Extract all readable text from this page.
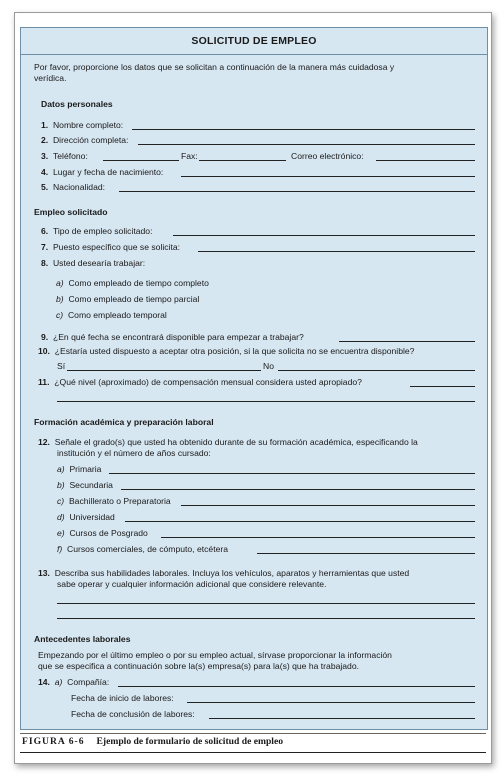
SOLICITUD DE EMPLEO
Por favor, proporcione los datos que se solicitan a continuación de la manera más cuidadosa y
verídica.
Datos personales
1. Nombre completo:
2. Dirección completa:
3. Teléfono:	Fax:	Correo electrónico:
4. Lugar y fecha de nacimiento:
5. Nacionalidad:
Empleo solicitado
6. Tipo de empleo solicitado:
7. Puesto específico que se solicita:
8. Usted desearía trabajar:
a) Como empleado de tiempo completo
b) Como empleado de tiempo parcial
c) Como empleado temporal
9. ¿En qué fecha se encontrará disponible para empezar a trabajar?
10. ¿Estaría usted dispuesto a aceptar otra posición, si la que solicita no se encuentra disponible?
Sí	No
11. ¿Qué nivel (aproximado) de compensación mensual considera usted apropiado?
Formación académica y preparación laboral
12. Señale el grado(s) que usted ha obtenido durante de su formación académica, especificando la
institución y el número de años cursado:
a) Primaria
b) Secundaria
c) Bachillerato o Preparatoria
d) Universidad
e) Cursos de Posgrado
f) Cursos comerciales, de cómputo, etcétera
13. Describa sus habilidades laborales. Incluya los vehículos, aparatos y herramientas que usted
sabe operar y cualquier información adicional que considere relevante.
Antecedentes laborales
Empezando por el último empleo o por su empleo actual, sírvase proporcionar la información
que se especifica a continuación sobre la(s) empresa(s) para la(s) que ha trabajado.
14. a) Compañía:
Fecha de inicio de labores:
Fecha de conclusión de labores:
FIGURA 6-6 Ejemplo de formulario de solicitud de empleo
